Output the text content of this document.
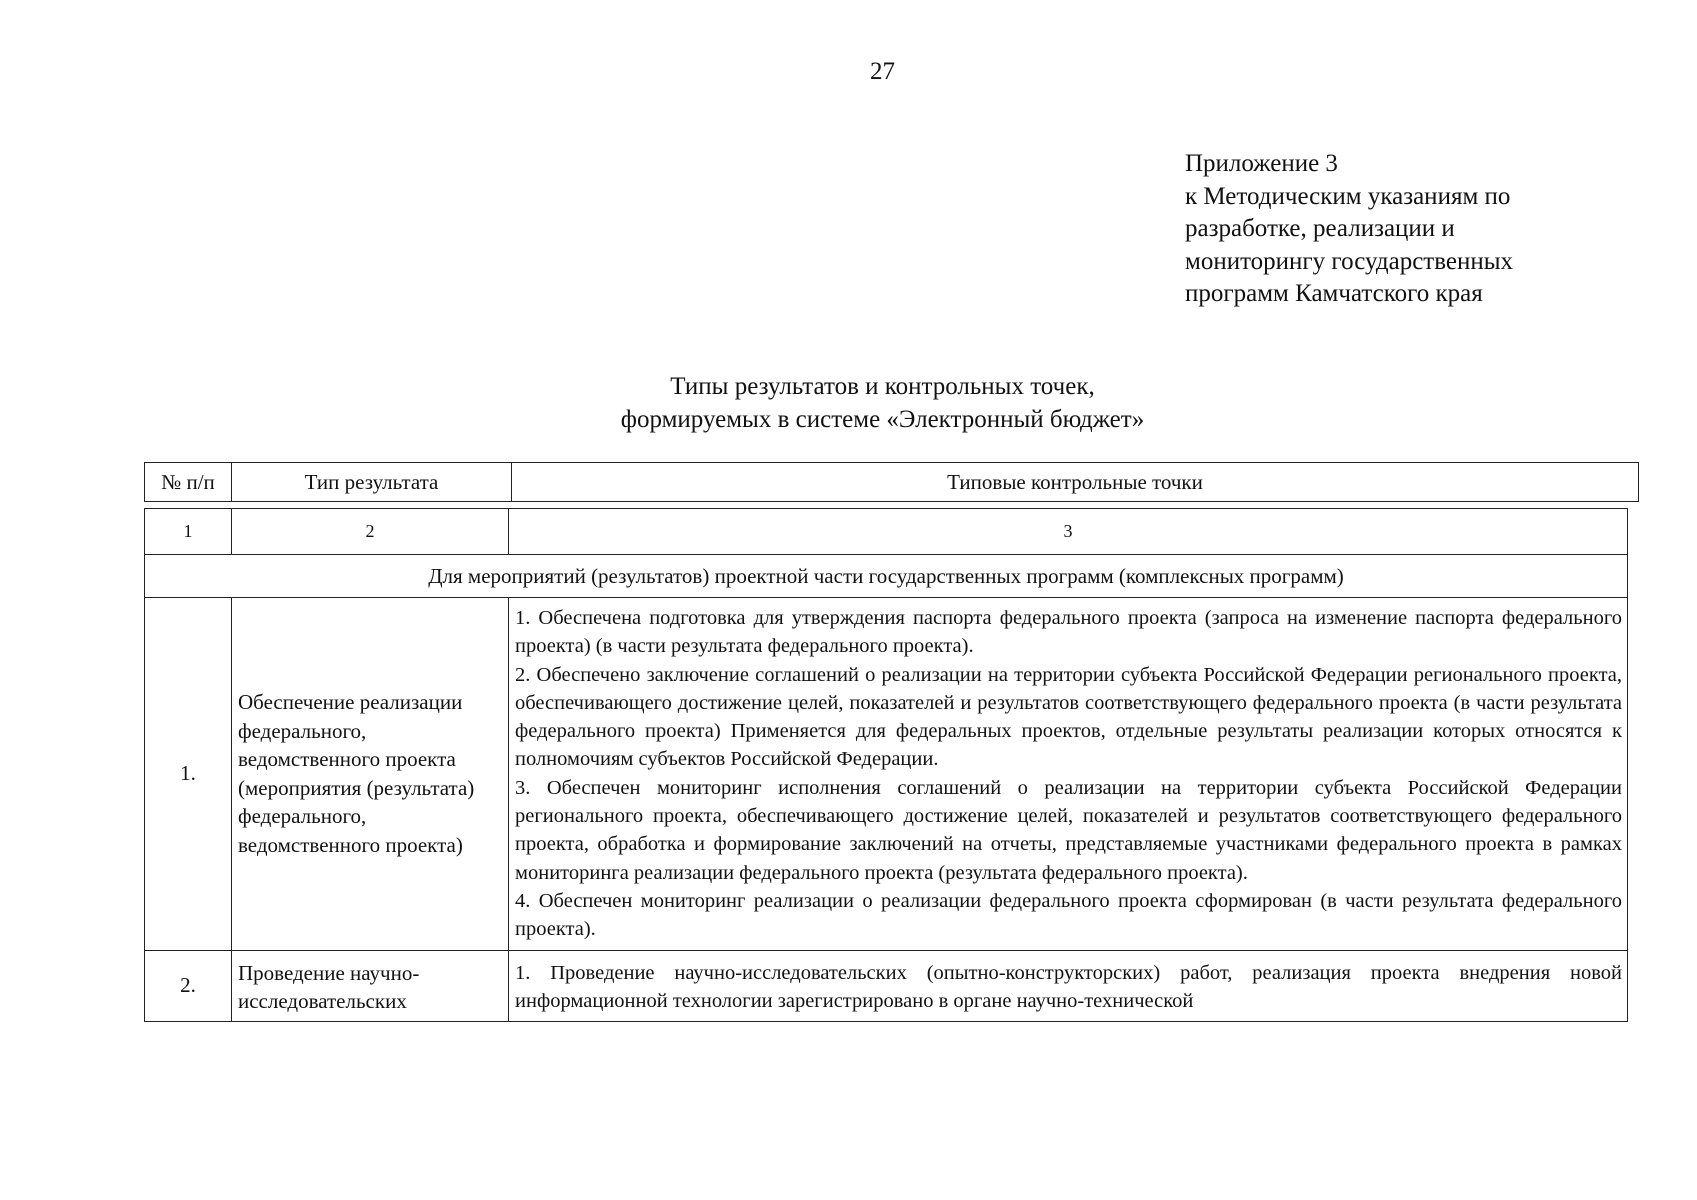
27
Приложение 3
к Методическим указаниям по
разработке, реализации и
мониторингу государственных
программ Камчатского края
Типы результатов и контрольных точек,
формируемых в системе «Электронный бюджет»
№ п/п	Тип результата	Типовые контрольные точки
1	2	3
Для мероприятий (результатов) проектной части государственных программ (комплексных программ)		
1.	Обеспечение реализации федерального, ведомственного проекта (мероприятия (результата) федерального, ведомственного проекта)	1. Обеспечена подготовка для утверждения паспорта федерального проекта (запроса на изменение паспорта федерального проекта) (в части результата федерального проекта).

2. Обеспечено заключение соглашений о реализации на территории субъекта Российской Федерации регионального проекта, обеспечивающего достижение целей, показателей и результатов соответствующего федерального проекта (в части результата федерального проекта) Применяется для федеральных проектов, отдельные результаты реализации которых относятся к полномочиям субъектов Российской Федерации.

3. Обеспечен мониторинг исполнения соглашений о реализации на территории субъекта Российской Федерации регионального проекта, обеспечивающего достижение целей, показателей и результатов соответствующего федерального проекта, обработка и формирование заключений на отчеты, представляемые участниками федерального проекта в рамках мониторинга реализации федерального проекта (результата федерального проекта).

4. Обеспечен мониторинг реализации о реализации федерального проекта сформирован (в части результата федерального проекта).

2.	Проведение научно-исследовательских	1. Проведение научно-исследовательских (опытно-конструкторских) работ, реализация проекта внедрения новой информационной технологии зарегистрировано в органе научно-технической
